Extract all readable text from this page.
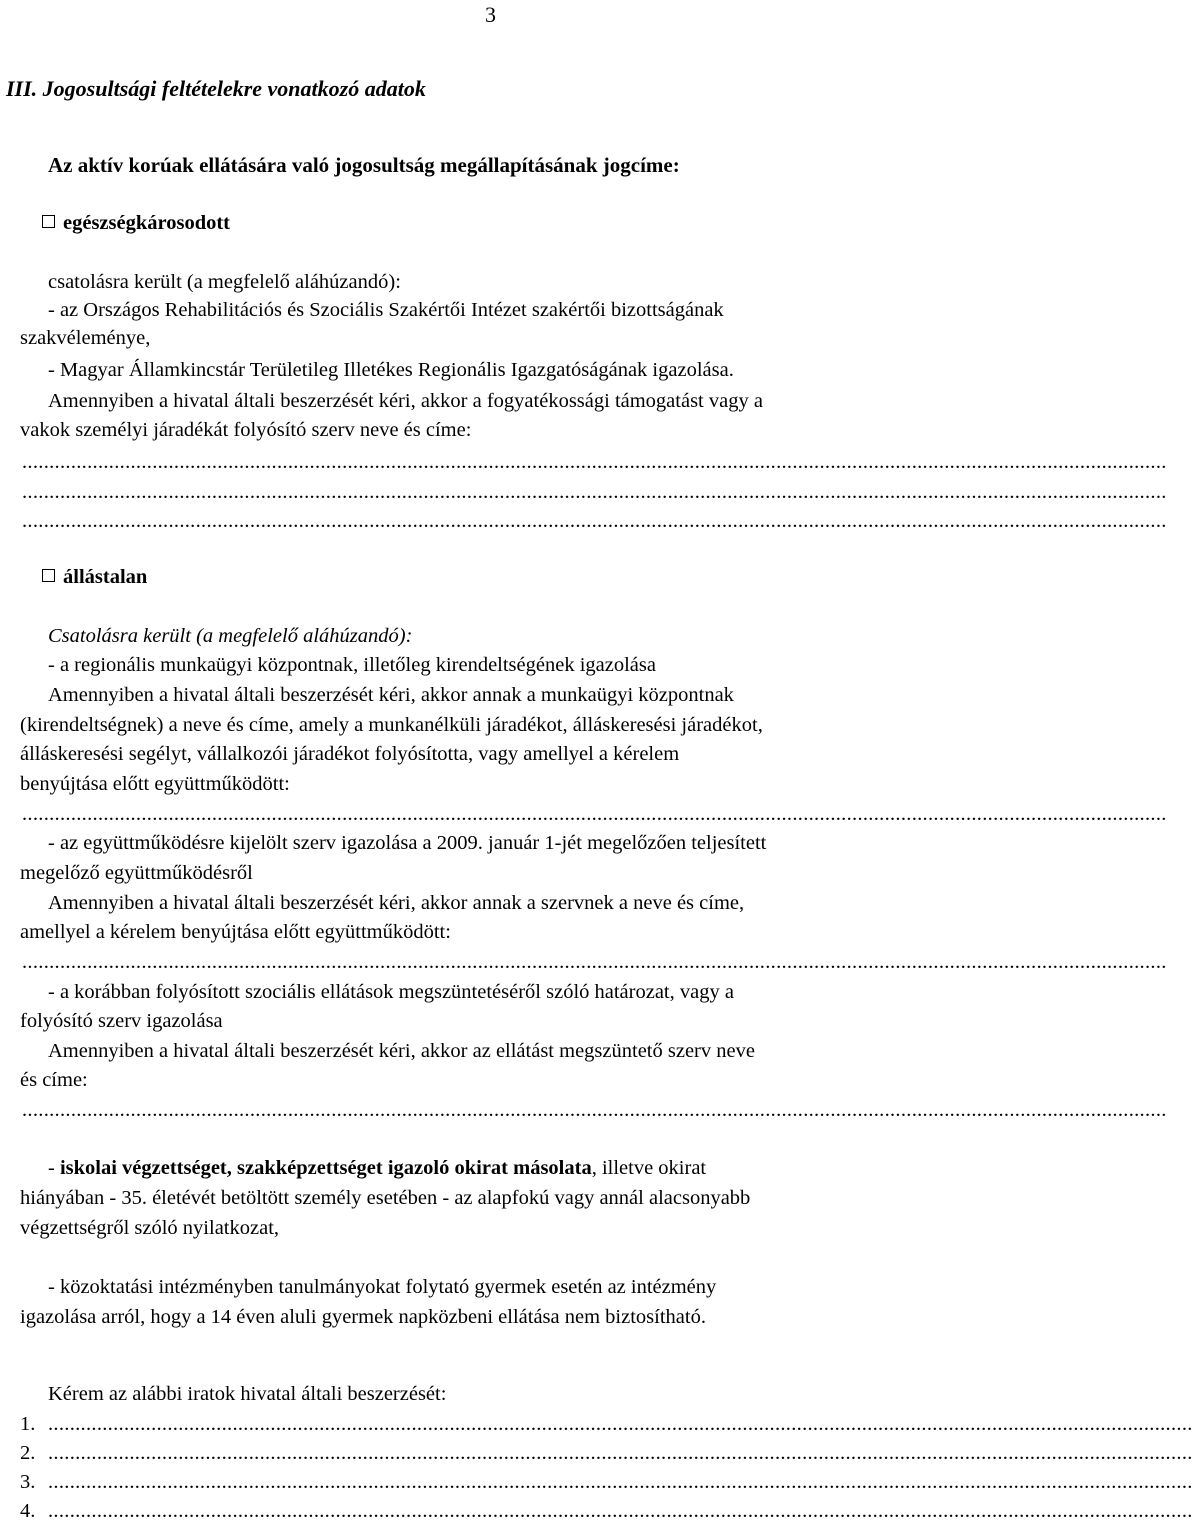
3
III. Jogosultsági feltételekre vonatkozó adatok
Az aktív korúak ellátására való jogosultság megállapításának jogcíme:
egészségkárosodott
csatolásra került (a megfelelő aláhúzandó):
- az Országos Rehabilitációs és Szociális Szakértői Intézet szakértői bizottságának
szakvéleménye,
- Magyar Államkincstár Területileg Illetékes Regionális Igazgatóságának igazolása.
Amennyiben a hivatal általi beszerzését kéri, akkor a fogyatékossági támogatást vagy a
vakok személyi járadékát folyósító szerv neve és címe:
...................................................................................................................................................................................................................
...................................................................................................................................................................................................................
...................................................................................................................................................................................................................
állástalan
Csatolásra került (a megfelelő aláhúzandó):
- a regionális munkaügyi központnak, illetőleg kirendeltségének igazolása
Amennyiben a hivatal általi beszerzését kéri, akkor annak a munkaügyi központnak
(kirendeltségnek) a neve és címe, amely a munkanélküli járadékot, álláskeresési járadékot,
álláskeresési segélyt, vállalkozói járadékot folyósította, vagy amellyel a kérelem
benyújtása előtt együttműködött:
...................................................................................................................................................................................................................
- az együttműködésre kijelölt szerv igazolása a 2009. január 1-jét megelőzően teljesített
megelőző együttműködésről
Amennyiben a hivatal általi beszerzését kéri, akkor annak a szervnek a neve és címe,
amellyel a kérelem benyújtása előtt együttműködött:
...................................................................................................................................................................................................................
- a korábban folyósított szociális ellátások megszüntetéséről szóló határozat, vagy a
folyósító szerv igazolása
Amennyiben a hivatal általi beszerzését kéri, akkor az ellátást megszüntető szerv neve
és címe:
...................................................................................................................................................................................................................
- iskolai végzettséget, szakképzettséget igazoló okirat másolata, illetve okirat
hiányában - 35. életévét betöltött személy esetében - az alapfokú vagy annál alacsonyabb
végzettségről szóló nyilatkozat,
- közoktatási intézményben tanulmányokat folytató gyermek esetén az intézmény
igazolása arról, hogy a 14 éven aluli gyermek napközbeni ellátása nem biztosítható.
Kérem az alábbi iratok hivatal általi beszerzését:
1. ...................................................................................................................................................................................................................
2. ...................................................................................................................................................................................................................
3. ...................................................................................................................................................................................................................
4. ...................................................................................................................................................................................................................
